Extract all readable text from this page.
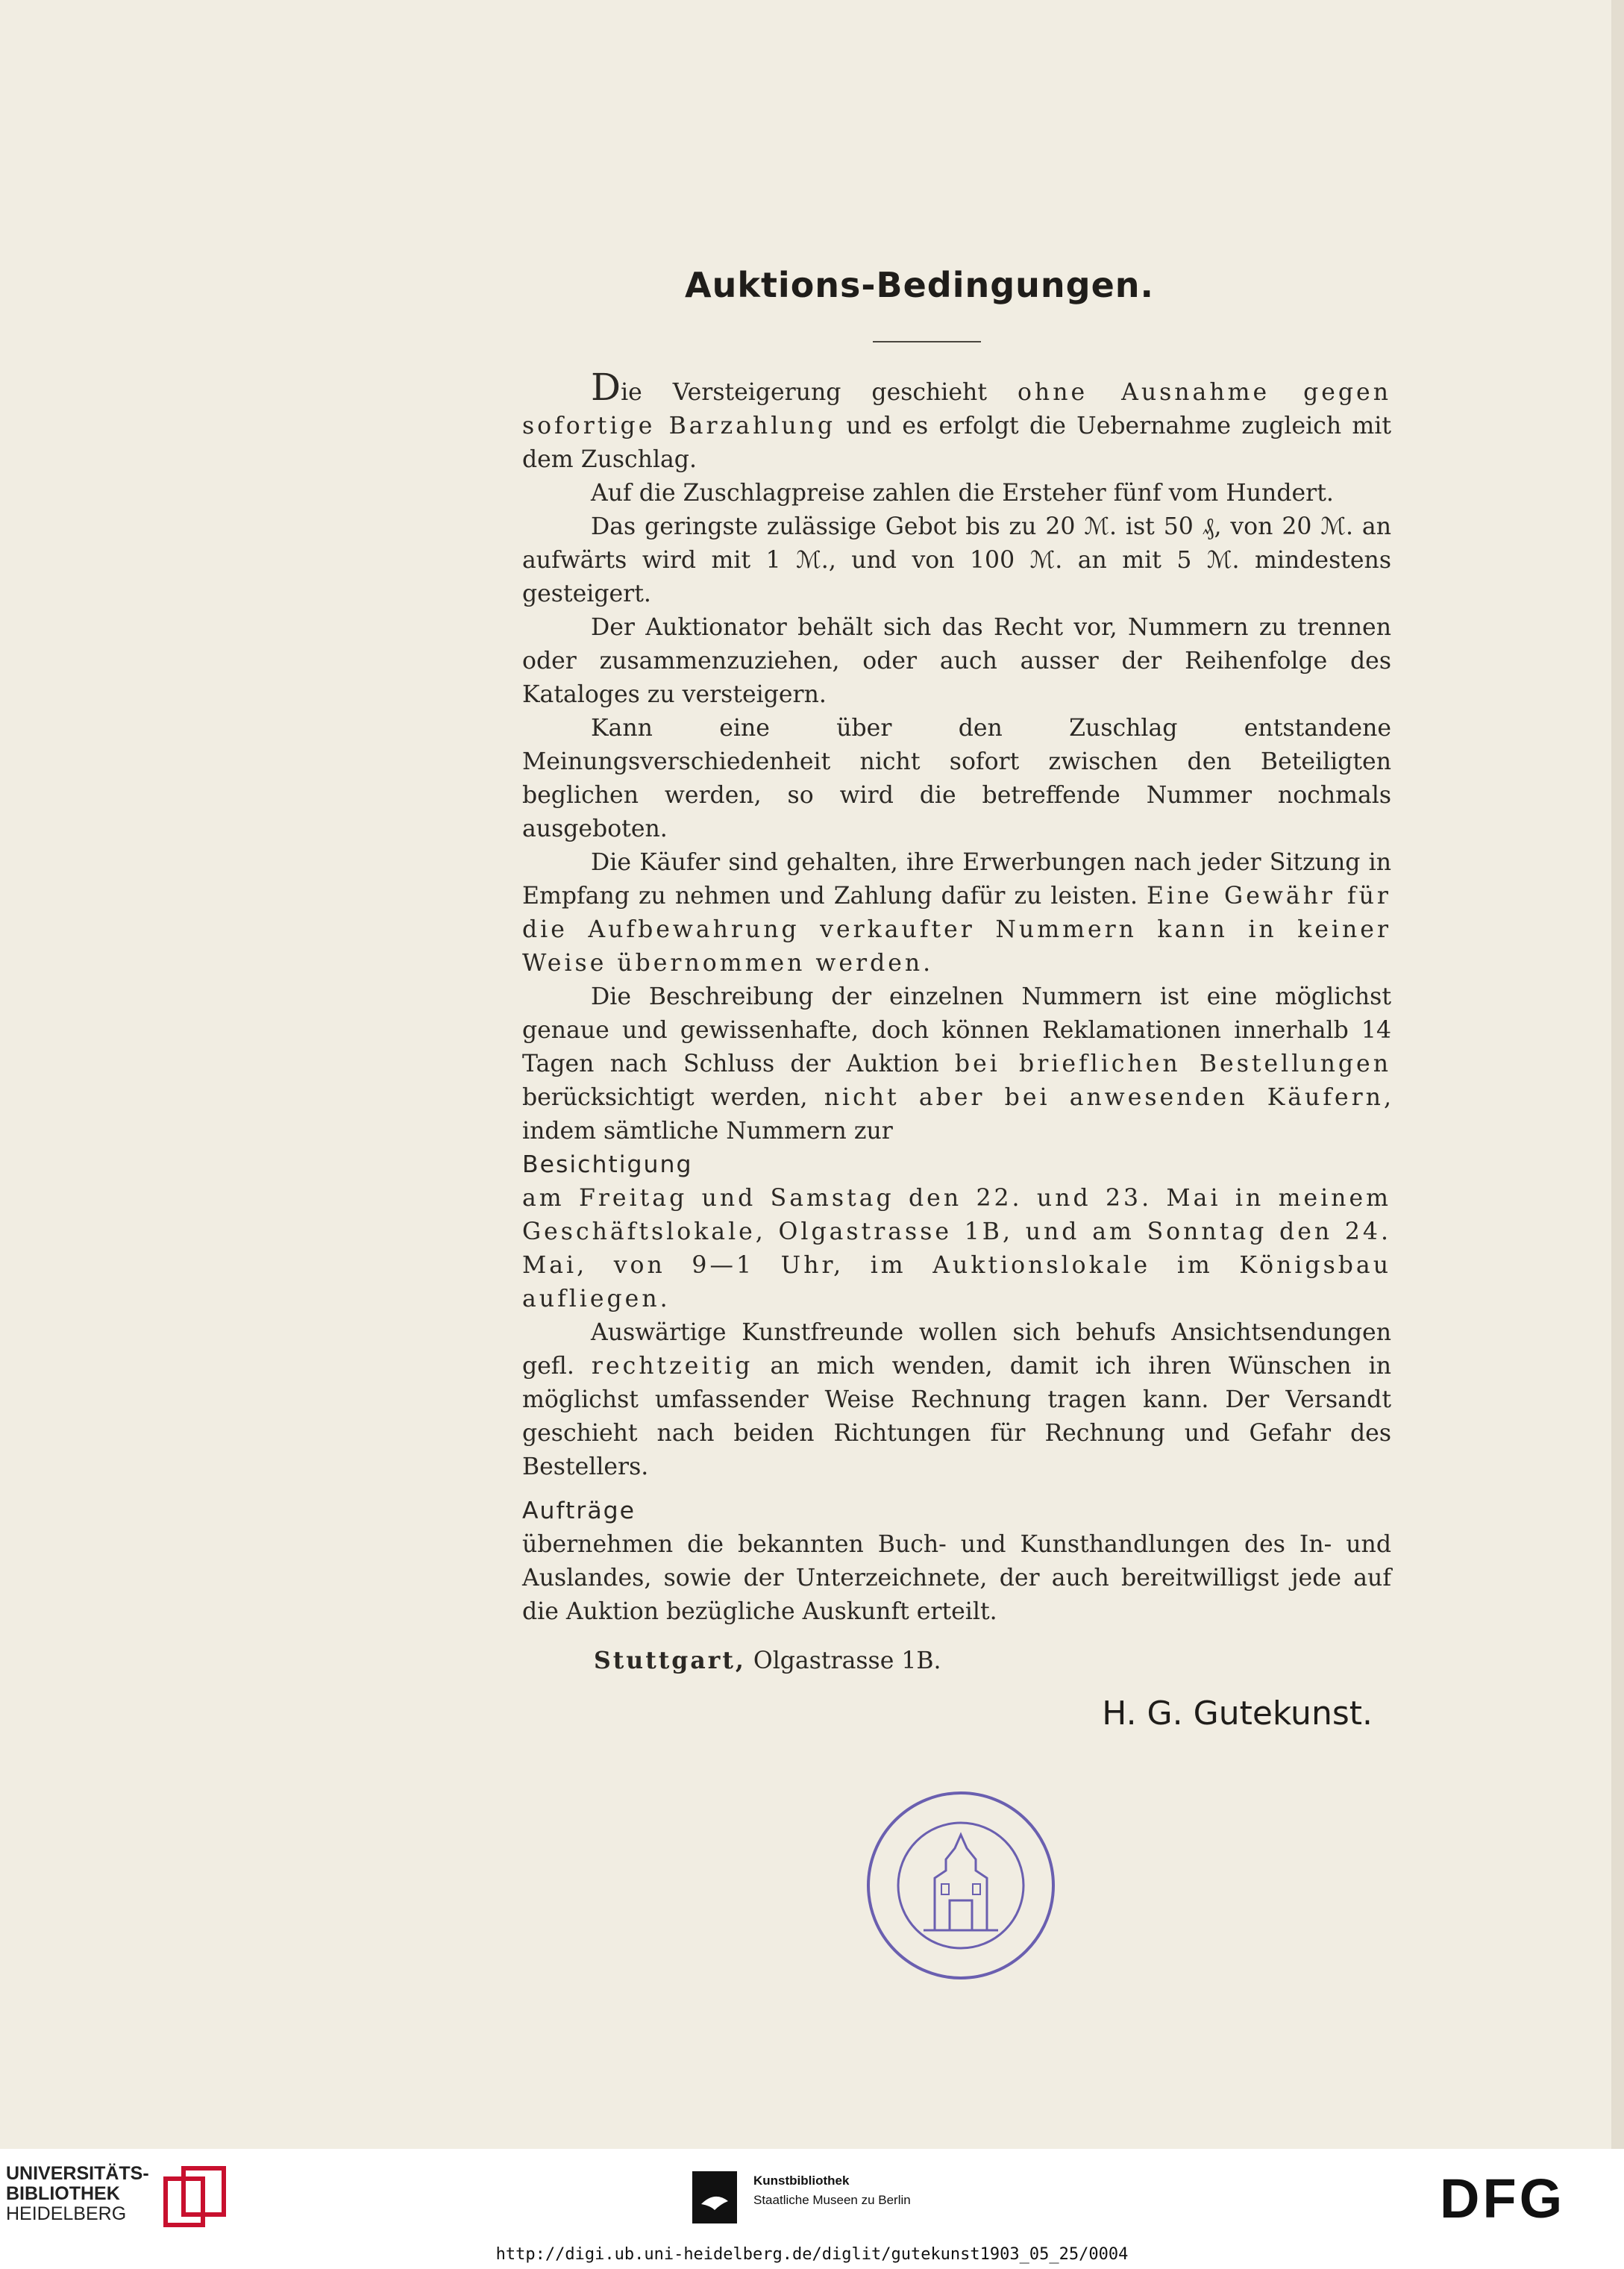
Auktions-Bedingungen.

Die Versteigerung geschieht ohne Ausnahme gegen sofortige Barzahlung und es erfolgt die Uebernahme zugleich mit dem Zuschlag.

Auf die Zuschlagpreise zahlen die Ersteher fünf vom Hundert.

Das geringste zulässige Gebot bis zu 20 ℳ. ist 50 ₰, von 20 ℳ. an aufwärts wird mit 1 ℳ., und von 100 ℳ. an mit 5 ℳ. mindestens gesteigert.

Der Auktionator behält sich das Recht vor, Nummern zu trennen oder zusammenzuziehen, oder auch ausser der Reihenfolge des Kataloges zu versteigern.

Kann eine über den Zuschlag entstandene Meinungsverschiedenheit nicht sofort zwischen den Beteiligten beglichen werden, so wird die betreffende Nummer nochmals ausgeboten.

Die Käufer sind gehalten, ihre Erwerbungen nach jeder Sitzung in Empfang zu nehmen und Zahlung dafür zu leisten. Eine Gewähr für die Aufbewahrung verkaufter Nummern kann in keiner Weise übernommen werden.

Die Beschreibung der einzelnen Nummern ist eine möglichst genaue und gewissenhafte, doch können Reklamationen innerhalb 14 Tagen nach Schluss der Auktion bei brieflichen Bestellungen berücksichtigt werden, nicht aber bei anwesenden Käufern, indem sämtliche Nummern zur

Besichtigung

am Freitag und Samstag den 22. und 23. Mai in meinem Geschäftslokale, Olgastrasse 1B, und am Sonntag den 24. Mai, von 9—1 Uhr, im Auktionslokale im Königsbau aufliegen.

Auswärtige Kunstfreunde wollen sich behufs Ansichtsendungen gefl. rechtzeitig an mich wenden, damit ich ihren Wünschen in möglichst umfassender Weise Rechnung tragen kann. Der Versandt geschieht nach beiden Richtungen für Rechnung und Gefahr des Bestellers.

Aufträge

übernehmen die bekannten Buch- und Kunsthandlungen des In- und Auslandes, sowie der Unterzeichnete, der auch bereitwilligst jede auf die Auktion bezügliche Auskunft erteilt.

Stuttgart, Olgastrasse 1B.

H. G. Gutekunst.
UNIVERSITÄTS-
BIBLIOTHEK
HEIDELBERG
Kunstbibliothek
Staatliche Museen zu Berlin	DFG
http://digi.ub.uni-heidelberg.de/diglit/gutekunst1903_05_25/0004
